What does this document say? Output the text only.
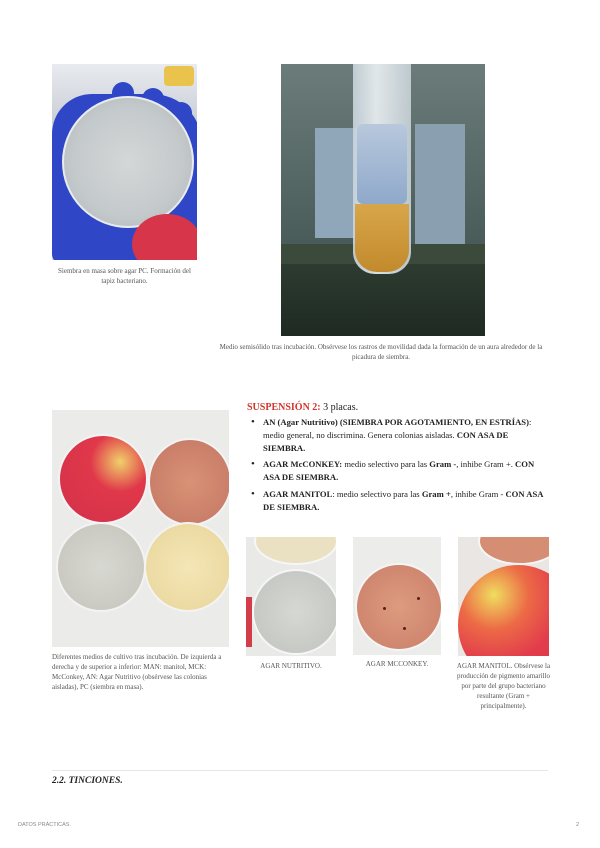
Siembra en masa sobre agar PC. Formación del tapiz bacteriano.
Medio semisólido tras incubación. Obsérvese los rastros de movilidad dada la formación de un aura alrededor de la picadura de siembra.
Diferentes medios de cultivo tras incubación. De izquierda a derecha y de superior a inferior: MAN: manitol, MCK: McConkey, AN: Agar Nutritivo (obsérvese las colonias aisladas), PC (siembra en masa).
SUSPENSIÓN 2: 3 placas.
• AN (Agar Nutritivo) (SIEMBRA POR AGOTAMIENTO, EN ESTRÍAS): medio general, no discrimina. Genera colonias aisladas. CON ASA DE SIEMBRA.
• AGAR McCONKEY: medio selectivo para las Gram -, inhibe Gram +. CON ASA DE SIEMBRA.
• AGAR MANITOL: medio selectivo para las Gram +, inhibe Gram - CON ASA DE SIEMBRA.
AGAR NUTRITIVO.	AGAR MCCONKEY.	AGAR MANITOL. Obsérvese la producción de pigmento amarillo por parte del grupo bacteriano resultante (Gram + principalmente).
2.2. TINCIONES.
DATOS PRÁCTICAS.	2
